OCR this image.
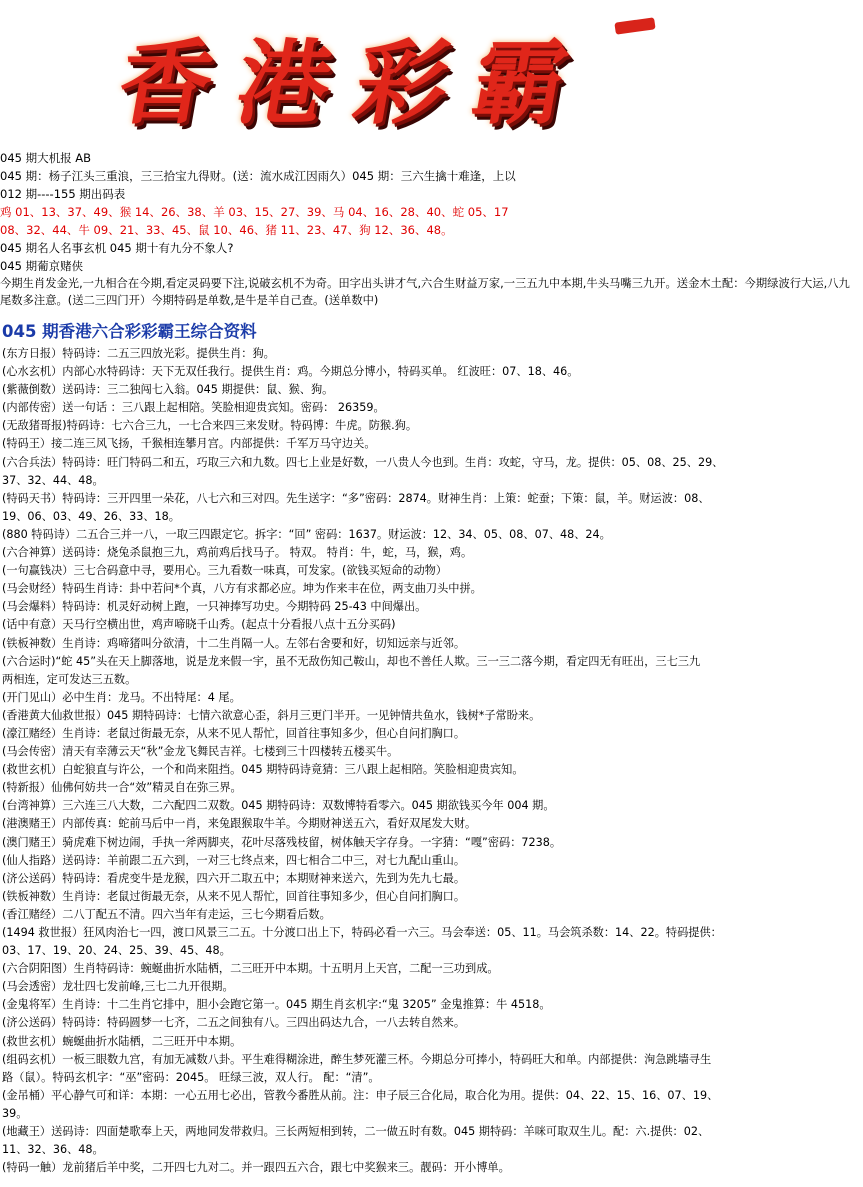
香港彩霸
045 期大机报 AB
045 期：杨子江头三重浪，三三拾宝九得财。(送：流水成江因雨久）045 期：三六生擒十难逢，上以
012 期----155 期出码表
鸡 01、13、37、49、猴 14、26、38、羊 03、15、27、39、马 04、16、28、40、蛇 05、17
08、32、44、牛 09、21、33、45、鼠 10、46、猪 11、23、47、狗 12、36、48。
045 期名人名事玄机 045 期十有九分不象人?
045 期葡京赌侠
今期生肖发金光,一九相合在今期,看定灵码要下注,说破玄机不为奇。田字出头讲才气,六合生财益万家,一三五九中本期,牛头马嘴三九开。送金木土配：今期绿波行大运,八九尾数多注意。(送二三四门开）今期特码是单数,是牛是羊自己查。(送单数中)
045 期香港六合彩彩霸王综合资料
(东方日报）特码诗：二五三四放光彩。提供生肖：狗。
(心水玄机）内部心水特码诗：天下无双任我行。提供生肖：鸡。今期总分博小，特码买单。 红波旺：07、18、46。
(紫薇倒数）送码诗：三二独闯七入翁。045 期提供：鼠、猴、狗。
(内部传密）送一句话 ：三八跟上起相陪。笑脸相迎贵宾知。密码： 26359。
(无敌猪哥报)特码诗：七六合三九，一七合来四三来发财。特码博：牛虎。防猴.狗。
(特码王）接二连三风飞扬，千猴相连攀月宫。内部提供：千军万马守边关。
(六合兵法）特码诗：旺门特码二和五，巧取三六和九数。四七上业是好数，一八贵人今也到。生肖：攻蛇，守马，龙。提供：05、08、25、29、
37、32、44、48。
(特码天书）特码诗：三开四里一朵花，八七六和三对四。先生送字：“多”密码：2874。财神生肖：上策：蛇蚕；下策：鼠，羊。财运波：08、
19、06、03、49、26、33、18。
(880 特码诗）二五合三并一八，一取三四跟定它。拆字：“回” 密码：1637。财运波：12、34、05、08、07、48、24。
(六合神算）送码诗：烧兔杀鼠抱三九，鸡前鸡后找马子。 特双。 特肖：牛，蛇，马，猴，鸡。
(一句赢钱决）三七合码意中寻，要用心。三九看数一味真，可发家。(欲钱买短命的动物）
(马会财经）特码生肖诗：卦中若问*个真，八方有求都必应。坤为作来丰在位，两支曲刀头中拼。
(马会爆料）特码诗：机灵好动树上跑，一只神捧写功史。今期特码 25-43 中间爆出。
(话中有意）天马行空横出世，鸡声啼晓千山秀。(起点十分看报八点十五分买码)
(铁板神数）生肖诗：鸡啼猪叫分欲清，十二生肖隔一人。左邻右舍要和好，切知远亲与近邻。
(六合运时)“蛇 45”头在天上脚落地，说是龙来假一宇，虽不无敌伤知己鞍山，却也不善任人欺。三一三二落今期，看定四无有旺出，三七三九
两相连，定可发达三五数。
(开门见山）必中生肖：龙马。不出特尾：4 尾。
(香港黄大仙救世报）045 期特码诗：七情六欲意心歪，斜月三更门半开。一见钟情共鱼水，钱树*子常盼来。
(濠江赌经）生肖诗：老鼠过街最无奈，从来不见人帮忙，回首往事知多少，但心自问扪胸口。
(马会传密）清天有幸薄云天“秋”金龙飞舞民吉祥。七楼到三十四楼转五楼买牛。
(救世玄机）白蛇狼直与许公，一个和尚来阻挡。045 期特码诗竟猜：三八跟上起相陪。笑脸相迎贵宾知。
(特新报）仙佛何妨共一合“效”精灵自在弥三界。
(台湾神算）三六连三八大数，二六配四二双数。045 期特码诗：双数博特看零六。045 期欲钱买今年 004 期。
(港澳赌王）内部传真：蛇前马后中一肖，来兔跟猴取牛羊。今期财神送五六，看好双尾发大财。
(澳门赌王）骑虎难下树边闹，手执一斧两脚夹，花叶尽落残枝留，树体触天字存身。一字猜：“嘎”密码：7238。
(仙人指路）送码诗：羊前跟二五六到，一对三七终点来，四七相合二中三，对七九配山重山。
(济公送码）特码诗：看虎变牛是龙猴，四六开二取五中；本期财神来送六，先到为先九七最。
(铁板神数）生肖诗：老鼠过街最无奈，从来不见人帮忙，回首往事知多少，但心自问扪胸口。
(香江赌经）二八丁配五不清。四六当年有走运，三七今期看后数。
(1494 救世报）狂风肉治七一四，渡口风景三二五。十分渡口出上下，特码必看一六三。马会奉送：05、11。马会筑杀数：14、22。特码提供：
03、17、19、20、24、25、39、45、48。
(六合阴阳图）生肖特码诗：蜿蜒曲折水陆栖，二三旺开中本期。十五明月上天宫，二配一三功到成。
(马会透密）龙壮四七发前峰,三七二九开很期。
(金鬼将军）生肖诗：十二生肖它排中，胆小会跑它第一。045 期生肖玄机字:“鬼 3205” 金鬼推算：牛 4518。
(济公送码）特码诗：特码圆梦一七齐，二五之间独有八。三四出码达九合，一八去转自然来。
(救世玄机）蜿蜒曲折水陆栖，二三旺开中本期。
(组码玄机）一板三眼数九宫，有加无减数八卦。平生难得糊涂进，醉生梦死灌三杯。今期总分可捧小，特码旺大和单。内部提供：洵急跳墙寻生
路（鼠）。特码玄机字：“巫”密码：2045。 旺绿三波，双人行。 配：“清”。
(金吊桶）平心静气可和详：本期：一心五用七必出，管教今番胜从前。注：申子辰三合化局，取合化为用。提供：04、22、15、16、07、19、
39。
(地藏王）送码诗：四面楚歌奉上天，两地同发带救归。三长两短相到转，二一做五时有数。045 期特码：羊咪可取双生儿。配：六.提供：02、
11、32、36、48。
(特码一触）龙前猪后羊中奖，二开四七九对二。并一跟四五六合，跟七中奖猴来三。靓码：开小博单。
